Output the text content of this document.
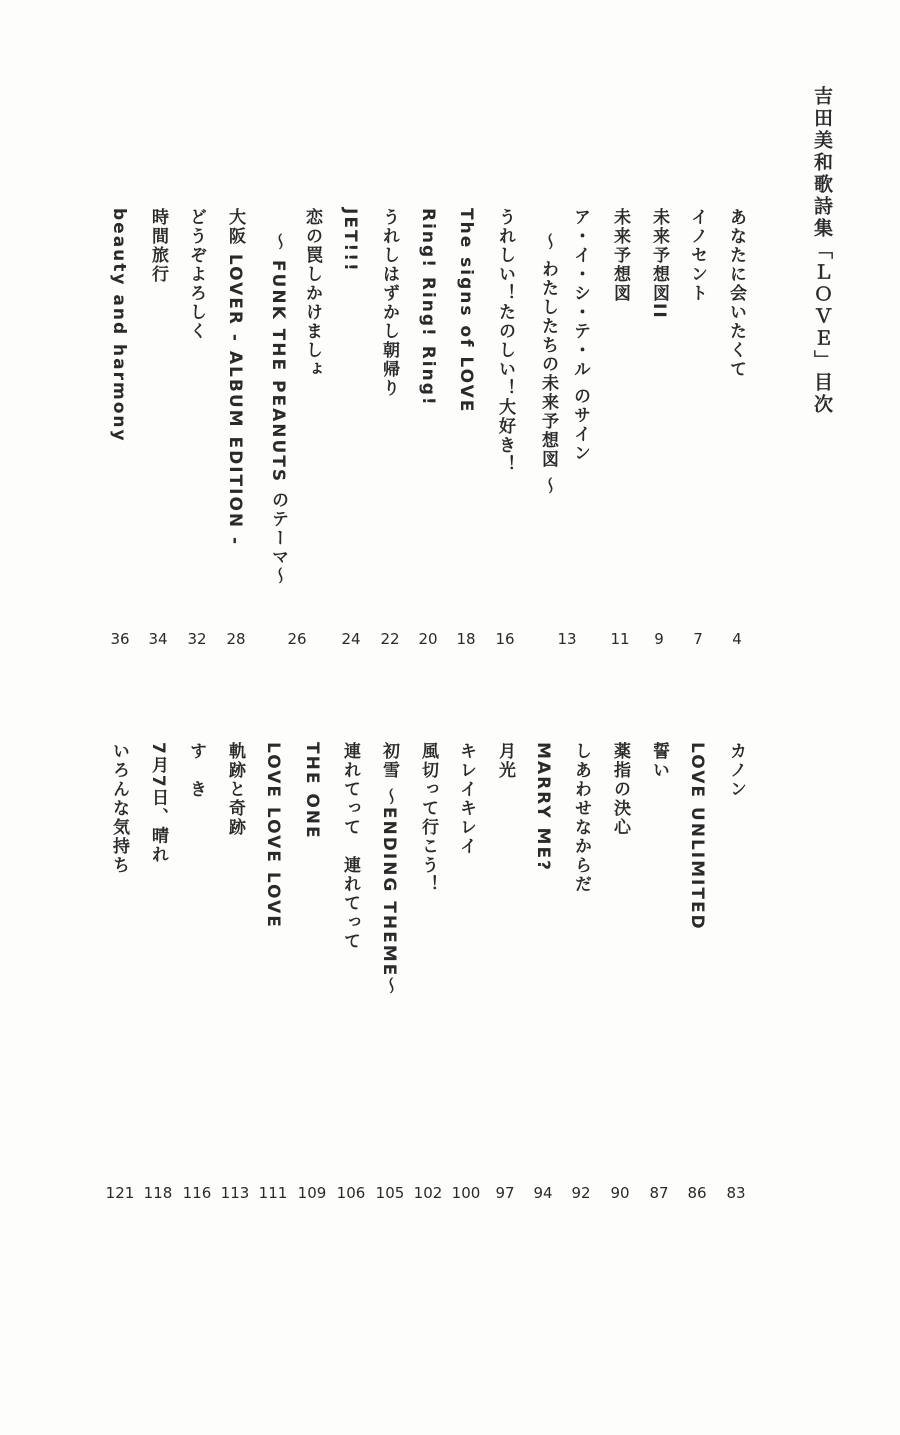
吉田美和歌詩集「ＬＯＶＥ」目次
あなたに会いたくて
4
イノセント
7
未来予想図II
9
未来予想図
11
ア・イ・シ・テ・ル のサイン
〜 わたしたちの未来予想図 〜
13
うれしい！たのしい！大好き！
16
The signs of LOVE
18
Ring! Ring! Ring!
20
うれしはずかし朝帰り
22
JET!!!
24
恋の罠しかけましょ
〜 FUNK THE PEANUTS のテーマ〜
26
大阪 LOVER - ALBUM EDITION -
28
どうぞよろしく
32
時間旅行
34
beauty and harmony
36
カノン
83
LOVE UNLIMITED
86
誓い
87
薬指の決心
90
しあわせなからだ
92
MARRY ME?
94
月光
97
キレイキレイ
100
風切って行こう！
102
初雪 〜ENDING THEME〜
105
連れてって　連れてって
106
THE ONE
109
LOVE LOVE LOVE
111
軌跡と奇跡
113
す　き
116
7月7日、晴れ
118
いろんな気持ち
121
